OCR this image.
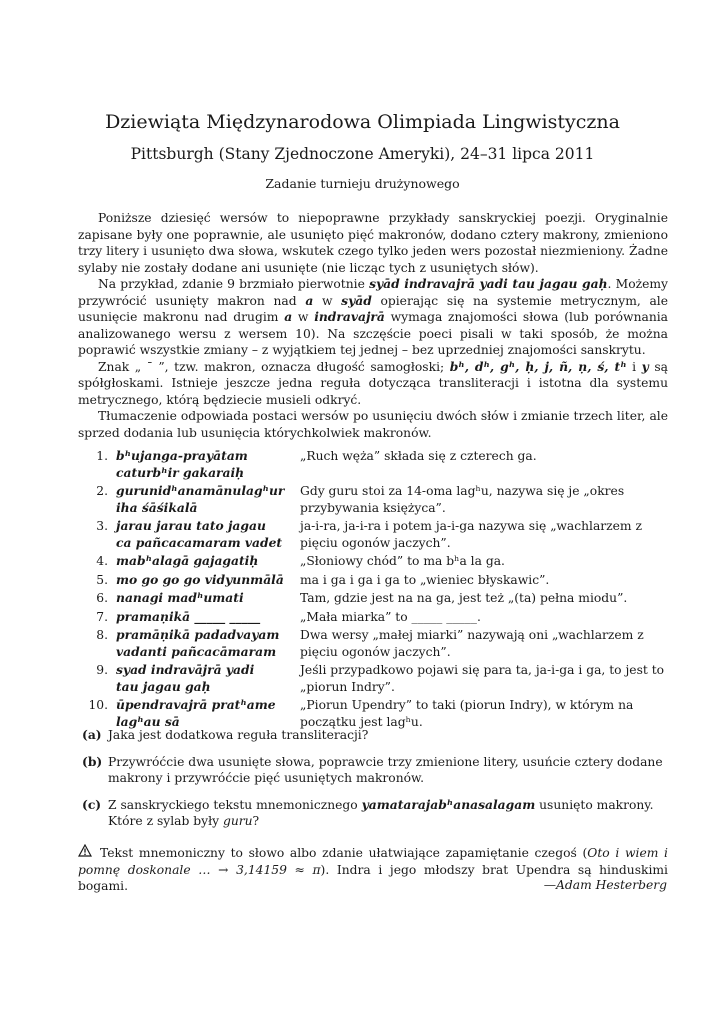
Dziewiąta Międzynarodowa Olimpiada Lingwistyczna
Pittsburgh (Stany Zjednoczone Ameryki), 24–31 lipca 2011
Zadanie turnieju drużynowego

Poniższe dziesięć wersów to niepoprawne przykłady sanskryckiej poezji. Oryginalnie zapisane były one poprawnie, ale usunięto pięć makronów, dodano cztery makrony, zmieniono trzy litery i usunięto dwa słowa, wskutek czego tylko jeden wers pozostał niezmieniony. Żadne sylaby nie zostały dodane ani usunięte (nie licząc tych z usuniętych słów).

Na przykład, zdanie 9 brzmiało pierwotnie syād indravajrā yadi tau jagau gaḥ. Możemy przywrócić usunięty makron nad a w syād opierając się na systemie metrycznym, ale usunięcie makronu nad drugim a w indravajrā wymaga znajomości słowa (lub porównania analizowanego wersu z wersem 10). Na szczęście poeci pisali w taki sposób, że można poprawić wszystkie zmiany – z wyjątkiem tej jednej – bez uprzedniej znajomości sanskrytu.

Znak „ ¯ ”, tzw. makron, oznacza długość samogłoski; bʰ, dʰ, gʰ, ḥ, j, ñ, ṇ, ś, tʰ i y są spółgłoskami. Istnieje jeszcze jedna reguła dotycząca transliteracji i istotna dla systemu metrycznego, którą będziecie musieli odkryć.

Tłumaczenie odpowiada postaci wersów po usunięciu dwóch słów i zmianie trzech liter, ale sprzed dodania lub usunięcia którychkolwiek makronów.

1.	bʰujanga-prayātam
caturbʰir gakaraiḥ	„Ruch węża” składa się z czterech ga.
2.	gurunidʰanamānulagʰur
iha śāśikalā	Gdy guru stoi za 14-oma lagʰu, nazywa się je „okres przybywania księżyca”.
3.	jarau jarau tato jagau
ca pañcacamaram vadet	ja-i-ra, ja-i-ra i potem ja-i-ga nazywa się „wachlarzem z pięciu ogonów jaczych”.
4.	mabʰalagā gajagatiḥ	„Słoniowy chód” to ma bʰa la ga.
5.	mo go go go vidyunmālā	ma i ga i ga i ga to „wieniec błyskawic”.
6.	nanagi madʰumati	Tam, gdzie jest na na ga, jest też „(ta) pełna miodu”.
7.	pramaṇikā _____ _____	„Mała miarka” to _____ _____.
8.	pramāṇikā padadvayam
vadanti pañcacāmaram	Dwa wersy „małej miarki” nazywają oni „wachlarzem z pięciu ogonów jaczych”.
9.	syad indravājrā yadi
tau jagau gaḥ	Jeśli przypadkowo pojawi się para ta, ja-i-ga i ga, to jest to „piorun Indry”.
10.	ūpendravajrā pratʰame
lagʰau sā	„Piorun Upendry” to taki (piorun Indry), w którym na początku jest lagʰu.
(a) Jaka jest dodatkowa reguła transliteracji?
(b) Przywróćcie dwa usunięte słowa, poprawcie trzy zmienione litery, usuńcie cztery dodane makrony i przywróćcie pięć usuniętych makronów.
(c) Z sanskryckiego tekstu mnemonicznego yamatarajabʰanasalagam usunięto makrony. Które z sylab były guru?
Tekst mnemoniczny to słowo albo zdanie ułatwiające zapamiętanie czegoś (Oto i wiem i pomnę doskonale … → 3,14159 ≈ π). Indra i jego młodszy brat Upendra są hinduskimi bogami.	—Adam Hesterberg
